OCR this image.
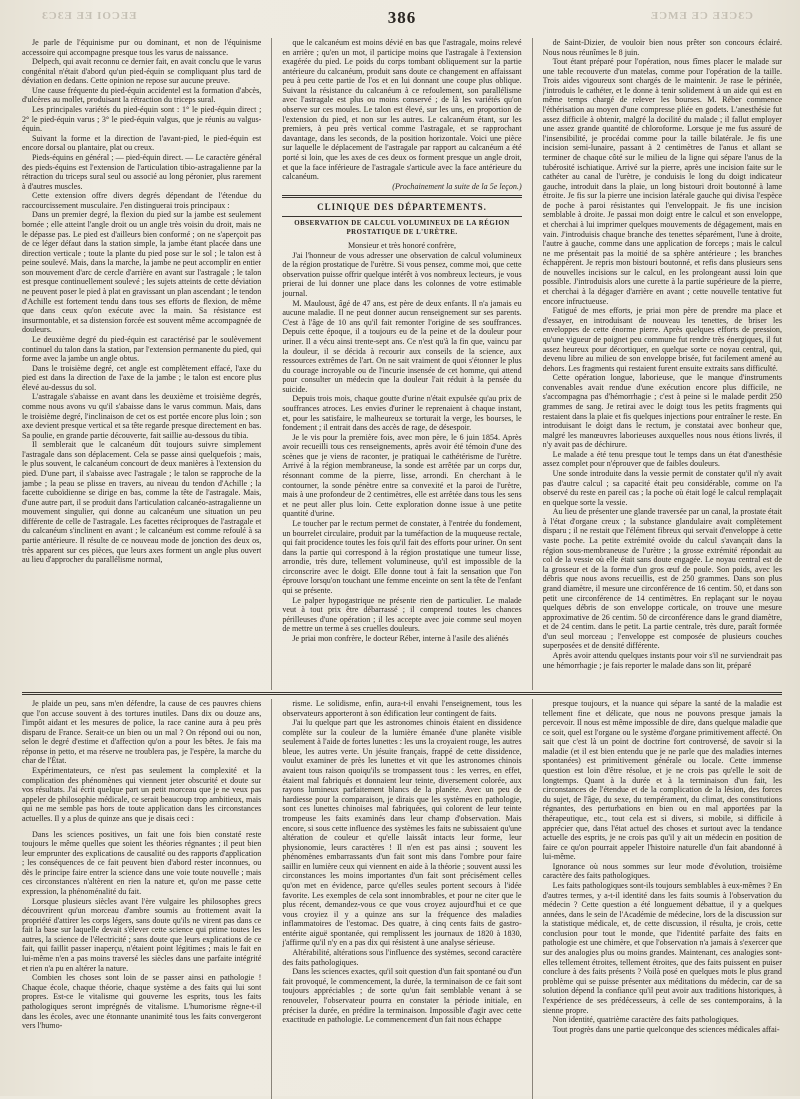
ƐƆƐƎ ƎƎ IOƆƎƎ	386	ƎƆMƎ ƎƆ ƎƎƆƐƆ

Je parle de l'équinisme pur ou dominant, et non de l'équinisme accessoire qui accompagne presque tous les varus de naissance.

Delpech, qui avait reconnu ce dernier fait, en avait conclu que le varus congénital n'était d'abord qu'un pied-équin se compliquant plus tard de déviation en dedans. Cette opinion ne repose sur aucune preuve.

Une cause fréquente du pied-équin accidentel est la formation d'abcès, d'ulcères au mollet, produisant la rétraction du triceps sural.

Les principales variétés du pied-équin sont : 1° le pied-équin direct ; 2° le pied-équin varus ; 3° le pied-équin valgus, que je réunis au valgus-équin.

Suivant la forme et la direction de l'avant-pied, le pied-équin est encore dorsal ou plantaire, plat ou creux.

Pieds-équins en général ; — pied-équin direct. — Le caractère général des pieds-équins est l'extension de l'articulation tibio-astragalienne par la rétraction du triceps sural seul ou associé au long péronier, plus rarement à d'autres muscles.

Cette extension offre divers degrés dépendant de l'étendue du raccourcissement musculaire. J'en distinguerai trois principaux :

Dans un premier degré, la flexion du pied sur la jambe est seulement bornée ; elle atteint l'angle droit ou un angle très voisin du droit, mais ne le dépasse pas. Le pied est d'ailleurs bien conformé ; on ne s'aperçoit pas de ce léger défaut dans la station simple, la jambe étant placée dans une direction verticale ; toute la plante du pied pose sur le sol ; le talon est à peine soulevé. Mais, dans la marche, la jambe ne peut accomplir en entier son mouvement d'arc de cercle d'arrière en avant sur l'astragale ; le talon est presque continuellement soulevé ; les sujets atteints de cette déviation ne peuvent poser le pied à plat en gravissant un plan ascendant ; le tendon d'Achille est fortement tendu dans tous ses efforts de flexion, de même que dans ceux qu'on exécute avec la main. Sa résistance est insurmontable, et sa distension forcée est souvent même accompagnée de douleurs.

Le deuxième degré du pied-équin est caractérisé par le soulèvement continuel du talon dans la station, par l'extension permanente du pied, qui forme avec la jambe un angle obtus.

Dans le troisième degré, cet angle est complètement effacé, l'axe du pied est dans la direction de l'axe de la jambe ; le talon est encore plus élevé au-dessus du sol.

L'astragale s'abaisse en avant dans les deuxième et troisième degrés, comme nous avons vu qu'il s'abaisse dans le varus commun. Mais, dans le troisième degré, l'inclinaison de cet os est portée encore plus loin ; son axe devient presque vertical et sa tête regarde presque directement en bas. Sa poulie, en grande partie découverte, fait saillie au-dessous du tibia.

Il semblerait que le calcanéum dût toujours suivre simplement l'astragale dans son déplacement. Cela se passe ainsi quelquefois ; mais, le plus souvent, le calcanéum concourt de deux manières à l'extension du pied. D'une part, il s'abaisse avec l'astragale ; le talon se rapproche de la jambe ; la peau se plisse en travers, au niveau du tendon d'Achille ; la facette cuboïdienne se dirige en bas, comme la tête de l'astragale. Mais, d'une autre part, il se produit dans l'articulation calcanéo-astragalienne un mouvement singulier, qui donne au calcanéum une situation un peu différente de celle de l'astragale. Les facettes réciproques de l'astragale et du calcanéum s'inclinent en avant ; le calcanéum est comme refoulé à sa partie antérieure. Il résulte de ce nouveau mode de jonction des deux os, très apparent sur ces pièces, que leurs axes forment un angle plus ouvert au lieu d'approcher du parallélisme normal,

que le calcanéum est moins dévié en bas que l'astragale, moins relevé en arrière ; qu'en un mot, il participe moins que l'astragale à l'extension exagérée du pied. Le poids du corps tombant obliquement sur la partie antérieure du calcanéum, produit sans doute ce changement en affaissant peu à peu cette partie de l'os et en lui donnant une coupe plus oblique. Suivant la résistance du calcanéum à ce refoulement, son parallélisme avec l'astragale est plus ou moins conservé ; de là les variétés qu'on observe sur ces moules. Le talon est élevé, sur les uns, en proportion de l'extension du pied, et non sur les autres. Le calcanéum étant, sur les premiers, à peu près vertical comme l'astragale, et se rapprochant davantage, dans les seconds, de la position horizontale. Voici une pièce sur laquelle le déplacement de l'astragale par rapport au calcanéum a été porté si loin, que les axes de ces deux os forment presque un angle droit, et que la face inférieure de l'astragale s'articule avec la face antérieure du calcanéum.

(Prochainement la suite de la 5e leçon.)

CLINIQUE DES DÉPARTEMENTS.
OBSERVATION DE CALCUL VOLUMINEUX DE LA RÉGION PROSTATIQUE DE L'URÈTRE.

Monsieur et très honoré confrère,

J'ai l'honneur de vous adresser une observation de calcul volumineux de la région prostatique de l'urètre. Si vous pensez, comme moi, que cette observation puisse offrir quelque intérêt à vos nombreux lecteurs, je vous prierai de lui donner une place dans les colonnes de votre estimable journal.

M. Mauloust, âgé de 47 ans, est père de deux enfants. Il n'a jamais eu aucune maladie. Il ne peut donner aucun renseignement sur ses parents. C'est à l'âge de 10 ans qu'il fait remonter l'origine de ses souffrances. Depuis cette époque, il a toujours eu de la peine et de la douleur pour uriner. Il a vécu ainsi trente-sept ans. Ce n'est qu'à la fin que, vaincu par la douleur, il se décida à recourir aux conseils de la science, aux ressources extrêmes de l'art. On ne sait vraiment de quoi s'étonner le plus du courage incroyable ou de l'incurie insensée de cet homme, qui attend pour consulter un médecin que la douleur l'ait réduit à la pensée du suicide.

Depuis trois mois, chaque goutte d'urine n'était expulsée qu'au prix de souffrances atroces. Les envies d'uriner le reprenaient à chaque instant, et, pour les satisfaire, le malheureux se torturait la verge, les bourses, le fondement ; il entrait dans des accès de rage, de désespoir.

Je le vis pour la première fois, avec mon père, le 6 juin 1854. Après avoir recueilli tous ces renseignements, après avoir été témoin d'une des scènes que je viens de raconter, je pratiquai le cathétérisme de l'urètre. Arrivé à la région membraneuse, la sonde est arrêtée par un corps dur, résonnant comme de la pierre, lisse, arrondi. En cherchant à le contourner, la sonde pénètre entre sa convexité et la paroi de l'urètre, mais à une profondeur de 2 centimètres, elle est arrêtée dans tous les sens et ne peut aller plus loin. Cette exploration donne issue à une petite quantité d'urine.

Le toucher par le rectum permet de constater, à l'entrée du fondement, un bourrelet circulaire, produit par la tuméfaction de la muqueuse rectale, qui fait procidence toutes les fois qu'il fait des efforts pour uriner. On sent dans la partie qui correspond à la région prostatique une tumeur lisse, arrondie, très dure, tellement volumineuse, qu'il est impossible de la circonscrire avec le doigt. Elle donne tout à fait la sensation que l'on éprouve lorsqu'on touchant une femme enceinte on sent la tête de l'enfant qui se présente.

Le palper hypogastrique ne présente rien de particulier. Le malade veut à tout prix être débarrassé ; il comprend toutes les chances périlleuses d'une opération ; il les accepte avec joie comme seul moyen de mettre un terme à ses cruelles douleurs.

Je priai mon confrère, le docteur Réber, interne à l'asile des aliénés

de Saint-Dizier, de vouloir bien nous prêter son concours éclairé. Nous nous réunîmes le 8 juin.

Tout étant préparé pour l'opération, nous fîmes placer le malade sur une table recouverte d'un matelas, comme pour l'opération de la taille. Trois aides vigoureux sont chargés de le maintenir. Je rase le périnée, j'introduis le cathéter, et le donne à tenir solidement à un aide qui est en même temps chargé de relever les bourses. M. Réber commence l'éthérisation au moyen d'une compresse pliée en godets. L'anesthésie fut assez difficile à obtenir, malgré la docilité du malade ; il fallut employer une assez grande quantité de chloroforme. Lorsque je me fus assuré de l'insensibilité, je procédai comme pour la taille bilatérale. Je fis une incision semi-lunaire, passant à 2 centimètres de l'anus et allant se terminer de chaque côté sur le milieu de la ligne qui sépare l'anus de la tubérosité ischiatique. Arrivé sur la pierre, après une incision faite sur le cathéter au canal de l'urètre, je conduisis le long du doigt indicateur gauche, introduit dans la plaie, un long bistouri droit boutonné à lame étroite. Je fis sur la pierre une incision latérale gauche qui divisa l'espèce de poche à paroi résistantes qui l'enveloppait. Je fis une incision semblable à droite. Je passai mon doigt entre le calcul et son enveloppe, et cherchai à lui imprimer quelques mouvements de dégagement, mais en vain. J'introduisis chaque branche des tenettes séparément, l'une à droite, l'autre à gauche, comme dans une application de forceps ; mais le calcul ne me présentait pas la moitié de sa sphère antérieure ; les branches échappèrent. Je repris mon bistouri boutonné, et refis dans plusieurs sens de nouvelles incisions sur le calcul, en les prolongeant aussi loin que possible. J'introduisis alors une curette à la partie supérieure de la pierre, et cherchai à la dégager d'arrière en avant ; cette nouvelle tentative fut encore infructueuse.

Fatigué de mes efforts, je priai mon père de prendre ma place et d'essayer, en introduisant de nouveau les tenettes, de briser les enveloppes de cette énorme pierre. Après quelques efforts de pression, qu'une vigueur de poignet peu commune fut rendre très énergiques, il fut assez heureux pour décortiquer, en quelque sorte ce noyau central, qui, devenu libre au milieu de son enveloppe brisée, fut facilement amené au dehors. Les fragments qui restaient furent ensuite extraits sans difficulté.

Cette opération longue, laborieuse, que le manque d'instruments convenables avait rendue d'une exécution encore plus difficile, ne s'accompagna pas d'hémorrhagie ; c'est à peine si le malade perdit 250 grammes de sang. Je retirai avec le doigt tous les petits fragments qui restaient dans la plaie et fis quelques injections pour entraîner le reste. En introduisant le doigt dans le rectum, je constatai avec bonheur que, malgré les manœuvres laborieuses auxquelles nous nous étions livrés, il n'y avait pas de déchirure.

Le malade a été tenu presque tout le temps dans un état d'anesthésie assez complet pour n'éprouver que de faibles douleurs.

Une sonde introduite dans la vessie permit de constater qu'il n'y avait pas d'autre calcul ; sa capacité était peu considérable, comme on l'a observé du reste en pareil cas ; la poche où était logé le calcul remplaçait en quelque sorte la vessie.

Au lieu de présenter une glande traversée par un canal, la prostate était à l'état d'organe creux ; la substance glandulaire avait complètement disparu ; il ne restait que l'élément fibreux qui servait d'enveloppe à cette vaste poche. La petite extrémité ovoïde du calcul s'avançait dans la région sous-membraneuse de l'urètre ; la grosse extrémité répondait au col de la vessie où elle était sans doute engagée. Le noyau central est de la grosseur et de la forme d'un gros œuf de poule. Son poids, avec les débris que nous avons recueillis, est de 250 grammes. Dans son plus grand diamètre, il mesure une circonférence de 16 centim. 50, et dans son petit une circonférence de 14 centimètres. En replaçant sur le noyau quelques débris de son enveloppe corticale, on trouve une mesure approximative de 26 centim. 50 de circonférence dans le grand diamètre, et de 24 centim. dans le petit. La partie centrale, très dure, paraît formée d'un seul morceau ; l'enveloppe est composée de plusieurs couches superposées et de densité différente.

Après avoir attendu quelques instants pour voir s'il ne surviendrait pas une hémorrhagie ; je fais reporter le malade dans son lit, préparé

Je plaide un peu, sans m'en défendre, la cause de ces pauvres chiens que l'on accuse souvent à des tortures inutiles. Dans dix ou douze ans, l'impôt aidant et les mesures de police, la race canine aura à peu près disparu de France. Serait-ce un bien ou un mal ? On répond oui ou non, selon le degré d'estime et d'affection qu'on a pour les bêtes. Je fais ma réponse in petto, et ma réserve ne troublera pas, je l'espère, la marche du char de l'État.

Expérimentateurs, ce n'est pas seulement la complexité et la complication des phénomènes qui viennent jeter obscurité et doute sur vos résultats. J'ai écrit quelque part un petit morceau que je ne veux pas appeler de philosophie médicale, ce serait beaucoup trop ambitieux, mais qui ne me semble pas hors de toute application dans les circonstances actuelles. Il y a plus de quinze ans que je disais ceci :

Dans les sciences positives, un fait une fois bien constaté reste toujours le même quelles que soient les théories régnantes ; il peut bien leur emprunter des explications de causalité ou des rapports d'application ; les conséquences de ce fait peuvent bien d'abord rester inconnues, ou dès le principe faire entrer la science dans une voie toute nouvelle ; mais ces circonstances n'altèrent en rien la nature et, qu'on me passe cette expression, la phénoménalité du fait.

Lorsque plusieurs siècles avant l'ère vulgaire les philosophes grecs découvrirent qu'un morceau d'ambre soumis au frottement avait la propriété d'attirer les corps légers, sans doute qu'ils ne virent pas dans ce fait la base sur laquelle devait s'élever cette science qui prime toutes les autres, la science de l'électricité ; sans doute que leurs explications de ce fait, qui faillit passer inaperçu, n'étaient point légitimes ; mais le fait en lui-même n'en a pas moins traversé les siècles dans une parfaite intégrité et rien n'a pu en altérer la nature.

Combien les choses sont loin de se passer ainsi en pathologie ! Chaque école, chaque théorie, chaque système a des faits qui lui sont propres. Est-ce le vitalisme qui gouverne les esprits, tous les faits pathologiques seront imprégnés de vitalisme. L'humorisme règne-t-il dans les écoles, avec une étonnante unanimité tous les faits convergeront vers l'humo-

risme. Le solidisme, enfin, aura-t-il envahi l'enseignement, tous les observateurs apporteront à son édification leur contingent de faits.

J'ai lu quelque part que les astronomes chinois étaient en dissidence complète sur la couleur de la lumière émanée d'une planète visible seulement à l'aide de fortes lunettes : les uns la croyaient rouge, les autres bleue, les autres verte. Un jésuite français, frappé de cette dissidence, voulut examiner de près les lunettes et vit que les astronomes chinois avaient tous raison quoiqu'ils se trompassent tous : les verres, en effet, étaient mal fabriqués et donnaient leur teinte, diversement colorée, aux rayons lumineux parfaitement blancs de la planète. Avec un peu de hardiesse pour la comparaison, je dirais que les systèmes en pathologie, sont ces lunettes chinoises mal fabriquées, qui colorent de leur teinte trompeuse les faits examinés dans leur champ d'observation. Mais encore, si sous cette influence des systèmes les faits ne subissaient qu'une altération de couleur et qu'elle laissât intacts leur forme, leur physionomie, leurs caractères ! Il n'en est pas ainsi ; souvent les phénomènes embarrassants d'un fait sont mis dans l'ombre pour faire saillir en lumière ceux qui viennent en aide à la théorie ; souvent aussi les circonstances les moins importantes d'un fait sont précisément celles qu'on met en évidence, parce qu'elles seules portent secours à l'idée favorite. Les exemples de cela sont innombrables, et pour ne citer que le plus récent, demandez-vous ce que vous croyez aujourd'hui et ce que vous croyiez il y a quinze ans sur la fréquence des maladies inflammatoires de l'estomac. Des quatre, à cinq cents faits de gastro-entérite aiguë spontanée, qui remplissent les journaux de 1820 à 1830, j'affirme qu'il n'y en a pas dix qui résistent à une analyse sérieuse.

Altérabilité, altérations sous l'influence des systèmes, second caractère des faits pathologiques.

Dans les sciences exactes, qu'il soit question d'un fait spontané ou d'un fait provoqué, le commencement, la durée, la terminaison de ce fait sont toujours appréciables ; de sorte qu'un fait semblable venant à se renouveler, l'observateur pourra en constater la période initiale, en préciser la durée, en prédire la terminaison. Impossible d'agir avec cette exactitude en pathologie. Le commencement d'un fait nous échappe

presque toujours, et la nuance qui sépare la santé de la maladie est tellement fine et délicate, que nous ne pouvons presque jamais la percevoir. Il nous est même impossible de dire, dans quelque maladie que ce soit, quel est l'organe ou le système d'organe primitivement affecté. On sait que c'est là un point de doctrine fort controversé, de savoir si la maladie (et il est bien entendu que je ne parle que des maladies internes spontanées) est primitivement générale ou locale. Cette immense question est loin d'être résolue, et je ne crois pas qu'elle le soit de longtemps. Quant à la durée et à la terminaison d'un fait, les circonstances de l'étendue et de la complication de la lésion, des forces du sujet, de l'âge, du sexe, du tempérament, du climat, des constitutions régnantes, des perturbations en bien ou en mal apportées par la thérapeutique, etc., tout cela est si divers, si mobile, si difficile à apprécier que, dans l'état actuel des choses et surtout avec la tendance actuelle des esprits, je ne crois pas qu'il y ait un médecin en position de faire ce qu'on pourrait appeler l'histoire naturelle d'un fait abandonné à lui-même.

Ignorance où nous sommes sur leur mode d'évolution, troisième caractère des faits pathologiques.

Les faits pathologiques sont-ils toujours semblables à eux-mêmes ? En d'autres termes, y a-t-il identité dans les faits soumis à l'observation du médecin ? Cette question a été longuement débattue, il y a quelques années, dans le sein de l'Académie de médecine, lors de la discussion sur la statistique médicale, et, de cette discussion, il résulta, je crois, cette conclusion pour tout le monde, que l'identité parfaite des faits en pathologie est une chimère, et que l'observation n'a jamais à s'exercer que sur des analogies plus ou moins grandes. Maintenant, ces analogies sont-elles tellement étroites, tellement étroites, que des faits puissent en puiser conclure à des faits présents ? Voilà posé en quelques mots le plus grand problème qui se puisse présenter aux méditations du médecin, car de sa solution dépend la confiance qu'il peut avoir aux traditions historiques, à l'expérience de ses prédécesseurs, à celle de ses contemporains, à la sienne propre.

Non identité, quatrième caractère des faits pathologiques.

Tout progrès dans une partie quelconque des sciences médicales affai-
